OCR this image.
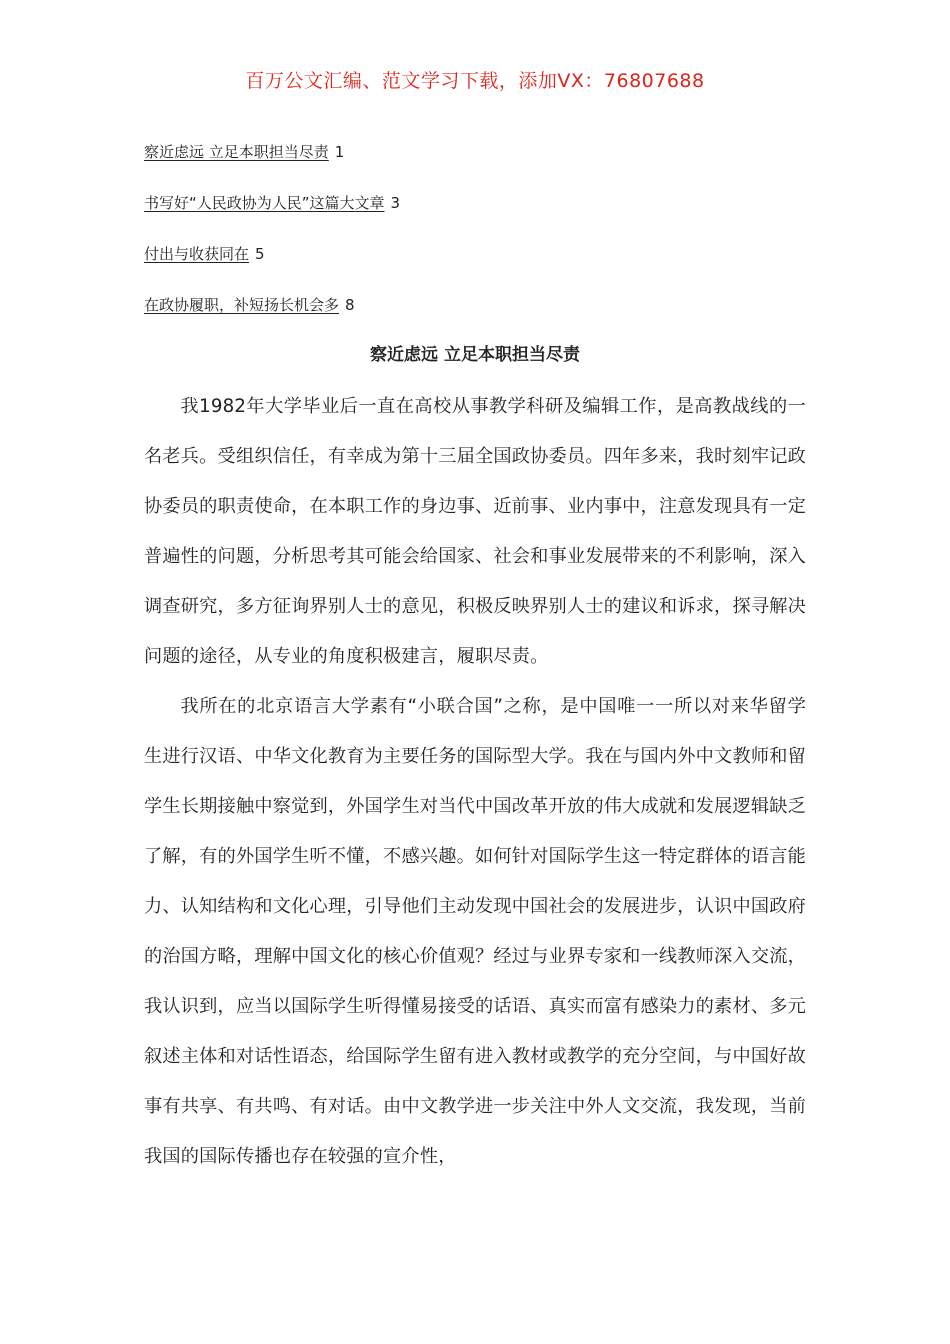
百万公文汇编、范文学习下载，添加VX：76807688
察近虑远 立足本职担当尽责 1
书写好“人民政协为人民”这篇大文章 3
付出与收获同在 5
在政协履职，补短扬长机会多 8
察近虑远 立足本职担当尽责

我1982年大学毕业后一直在高校从事教学科研及编辑工作，是高教战线的一名老兵。受组织信任，有幸成为第十三届全国政协委员。四年多来，我时刻牢记政协委员的职责使命，在本职工作的身边事、近前事、业内事中，注意发现具有一定普遍性的问题，分析思考其可能会给国家、社会和事业发展带来的不利影响，深入调查研究，多方征询界别人士的意见，积极反映界别人士的建议和诉求，探寻解决问题的途径，从专业的角度积极建言，履职尽责。

我所在的北京语言大学素有“小联合国”之称，是中国唯一一所以对来华留学生进行汉语、中华文化教育为主要任务的国际型大学。我在与国内外中文教师和留学生长期接触中察觉到，外国学生对当代中国改革开放的伟大成就和发展逻辑缺乏了解，有的外国学生听不懂，不感兴趣。如何针对国际学生这一特定群体的语言能力、认知结构和文化心理，引导他们主动发现中国社会的发展进步，认识中国政府的治国方略，理解中国文化的核心价值观？经过与业界专家和一线教师深入交流，我认识到，应当以国际学生听得懂易接受的话语、真实而富有感染力的素材、多元叙述主体和对话性语态，给国际学生留有进入教材或教学的充分空间，与中国好故事有共享、有共鸣、有对话。由中文教学进一步关注中外人文交流，我发现，当前我国的国际传播也存在较强的宣介性，
